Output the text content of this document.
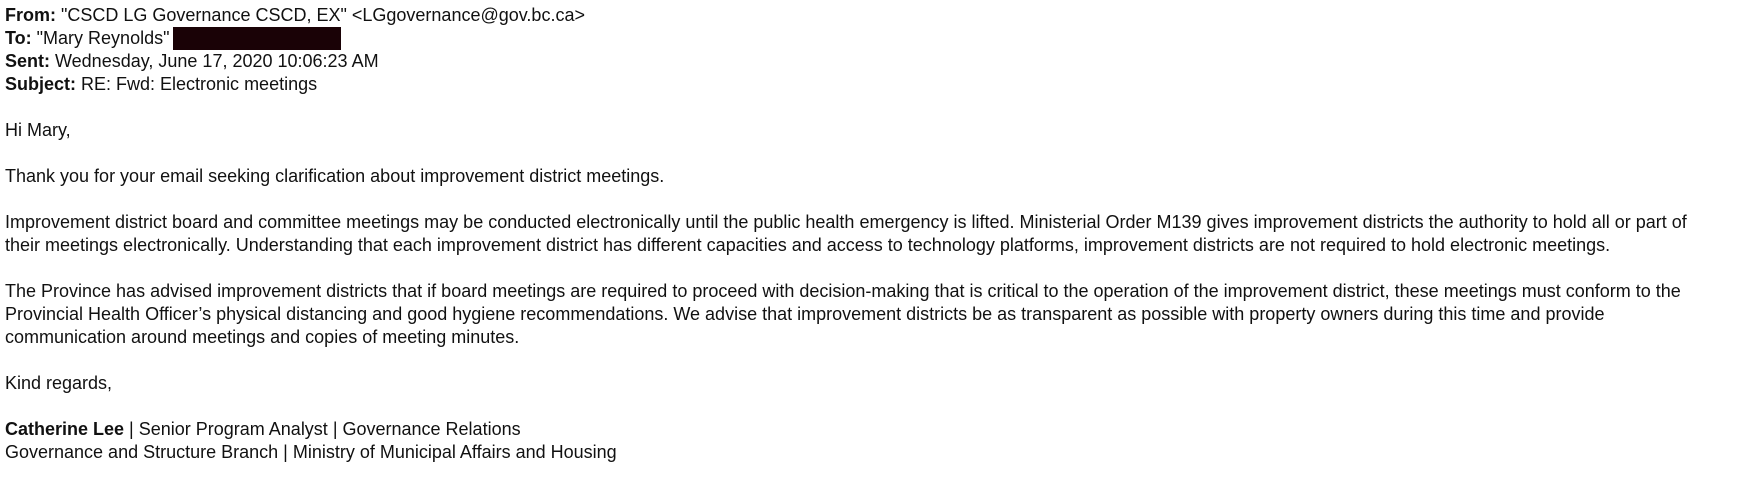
From: "CSCD LG Governance CSCD, EX" <LGgovernance@gov.bc.ca>
To: "Mary Reynolds"
Sent: Wednesday, June 17, 2020 10:06:23 AM
Subject: RE: Fwd: Electronic meetings
Hi Mary,
Thank you for your email seeking clarification about improvement district meetings.
Improvement district board and committee meetings may be conducted electronically until the public health emergency is lifted. Ministerial Order M139 gives improvement districts the authority to hold all or part of
their meetings electronically. Understanding that each improvement district has different capacities and access to technology platforms, improvement districts are not required to hold electronic meetings.
The Province has advised improvement districts that if board meetings are required to proceed with decision-making that is critical to the operation of the improvement district, these meetings must conform to the
Provincial Health Officer’s physical distancing and good hygiene recommendations. We advise that improvement districts be as transparent as possible with property owners during this time and provide
communication around meetings and copies of meeting minutes.
Kind regards,
Catherine Lee | Senior Program Analyst | Governance Relations
Governance and Structure Branch | Ministry of Municipal Affairs and Housing
